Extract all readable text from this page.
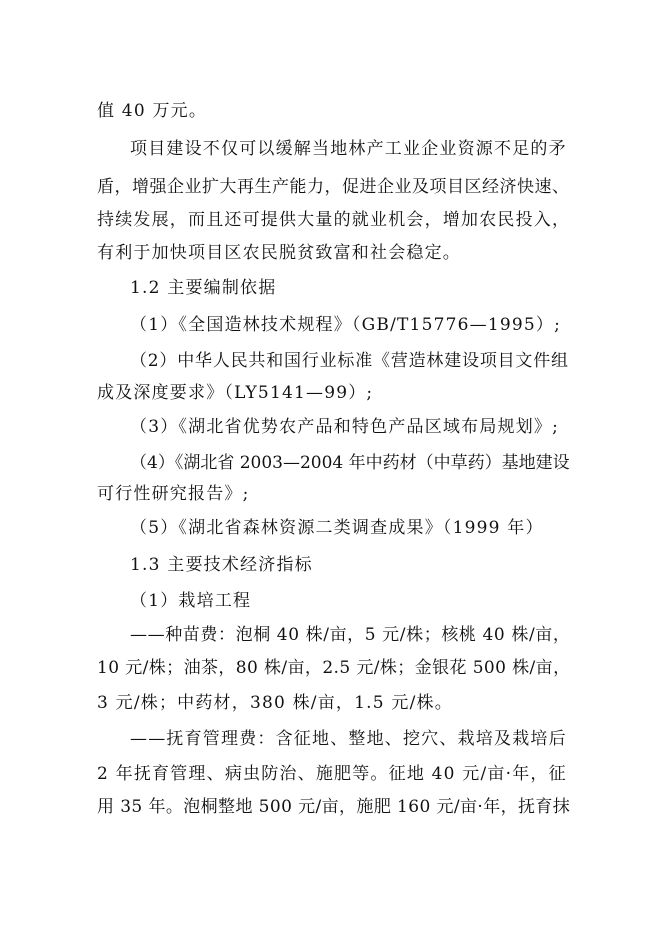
值 40 万元。
项目建设不仅可以缓解当地林产工业企业资源不足的矛
盾，增强企业扩大再生产能力，促进企业及项目区经济快速、
持续发展，而且还可提供大量的就业机会，增加农民投入，
有利于加快项目区农民脱贫致富和社会稳定。
1.2 主要编制依据
（1）《全国造林技术规程》（GB/T15776—1995）;
（2）中华人民共和国行业标准《营造林建设项目文件组
成及深度要求》（LY5141—99）;
（3）《湖北省优势农产品和特色产品区域布局规划》;
（4）《湖北省 2003—2004 年中药材（中草药）基地建设
可行性研究报告》;
（5）《湖北省森林资源二类调查成果》（1999 年）
1.3 主要技术经济指标
（1）栽培工程
——种苗费：泡桐 40 株/亩，5 元/株；核桃 40 株/亩，
10 元/株；油茶，80 株/亩，2.5 元/株；金银花 500 株/亩，
3 元/株；中药材，380 株/亩，1.5 元/株。
——抚育管理费：含征地、整地、挖穴、栽培及栽培后
2 年抚育管理、病虫防治、施肥等。征地 40 元/亩·年，征
用 35 年。泡桐整地 500 元/亩，施肥 160 元/亩·年，抚育抹
